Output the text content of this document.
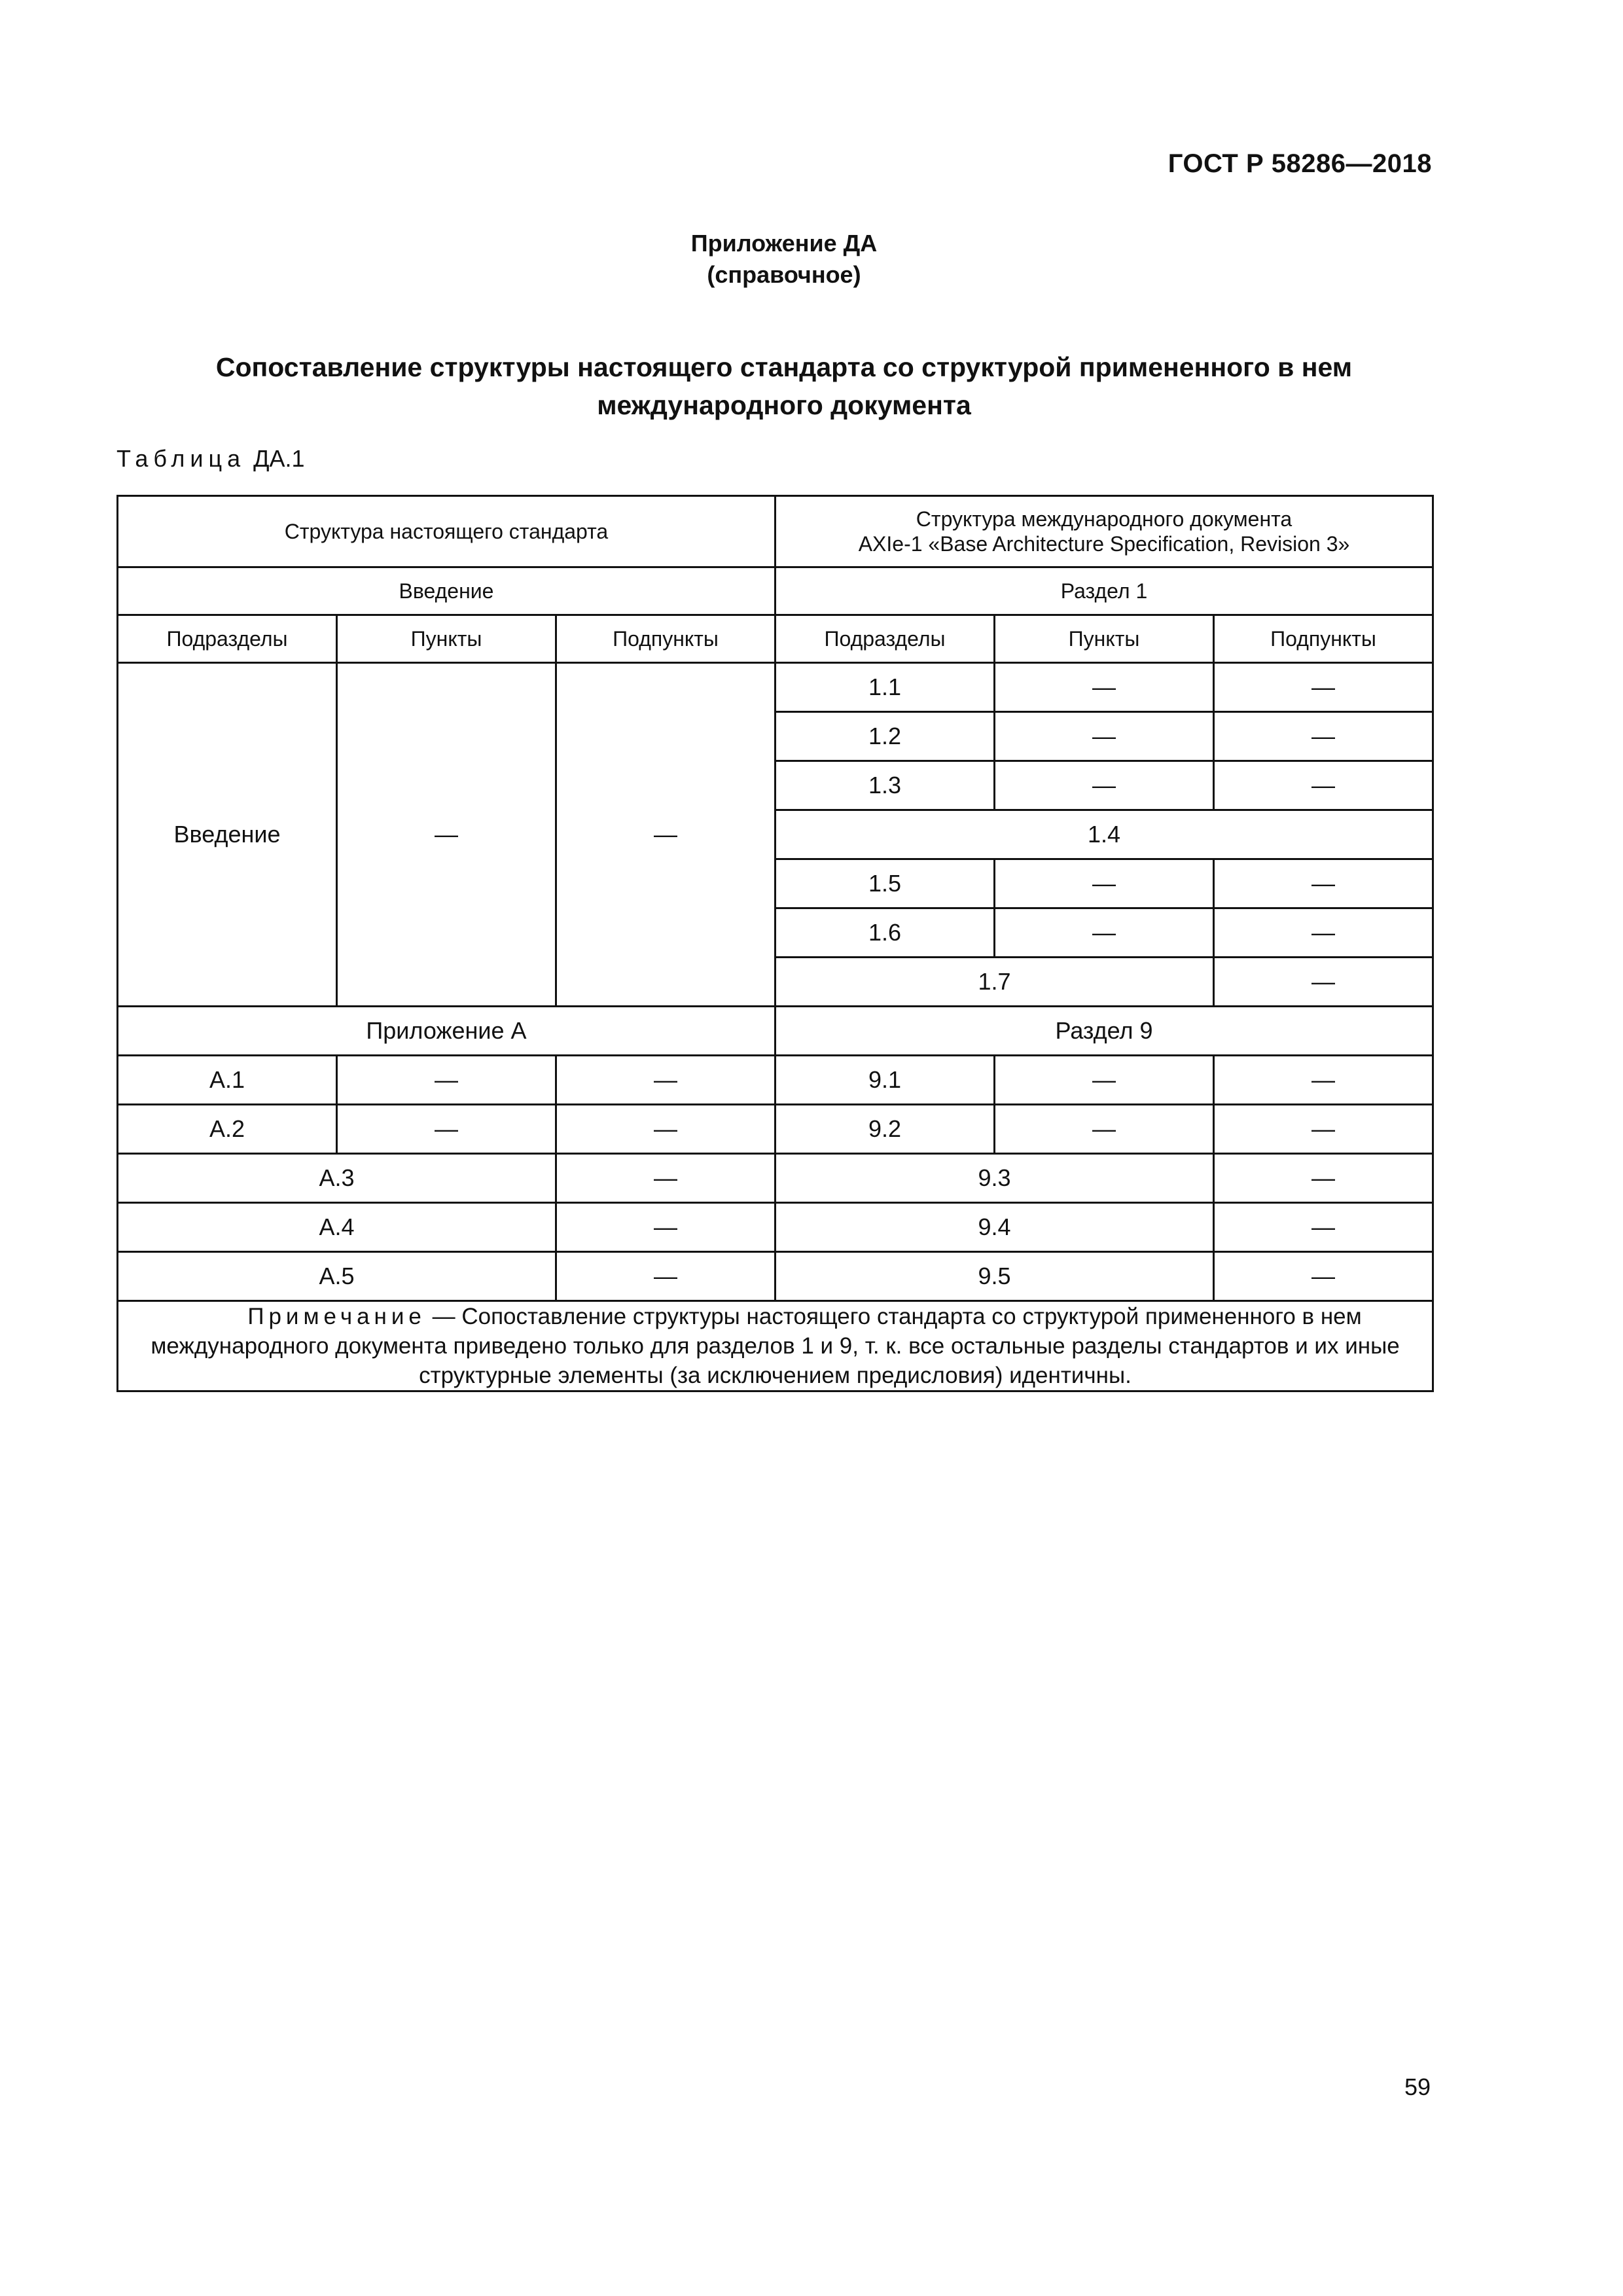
ГОСТ Р 58286—2018
Приложение ДА
(справочное)
Сопоставление структуры настоящего стандарта со структурой примененного в нем
международного документа
Таблица ДА.1
Структура настоящего стандарта			Структура международного документа
AXIe-1 «Base Architecture Specification, Revision 3»		

Введение			Раздел 1		
Подразделы	Пункты	Подпункты	Подразделы	Пункты	Подпункты
Введение	—	—	1.1	—	—
			1.2	—	—
			1.3	—	—
			1.4		
			1.5	—	—
			1.6	—	—
			1.7		—
Приложение А			Раздел 9		
А.1	—	—	9.1	—	—
А.2	—	—	9.2	—	—
А.3		—	9.3		—
А.4		—	9.4		—
А.5		—	9.5		—
Примечание — Сопоставление структуры настоящего стандарта со структурой примененного в нем международного документа приведено только для разделов 1 и 9, т. к. все остальные разделы стандартов и их иные структурные элементы (за исключением предисловия) идентичны.					
59
